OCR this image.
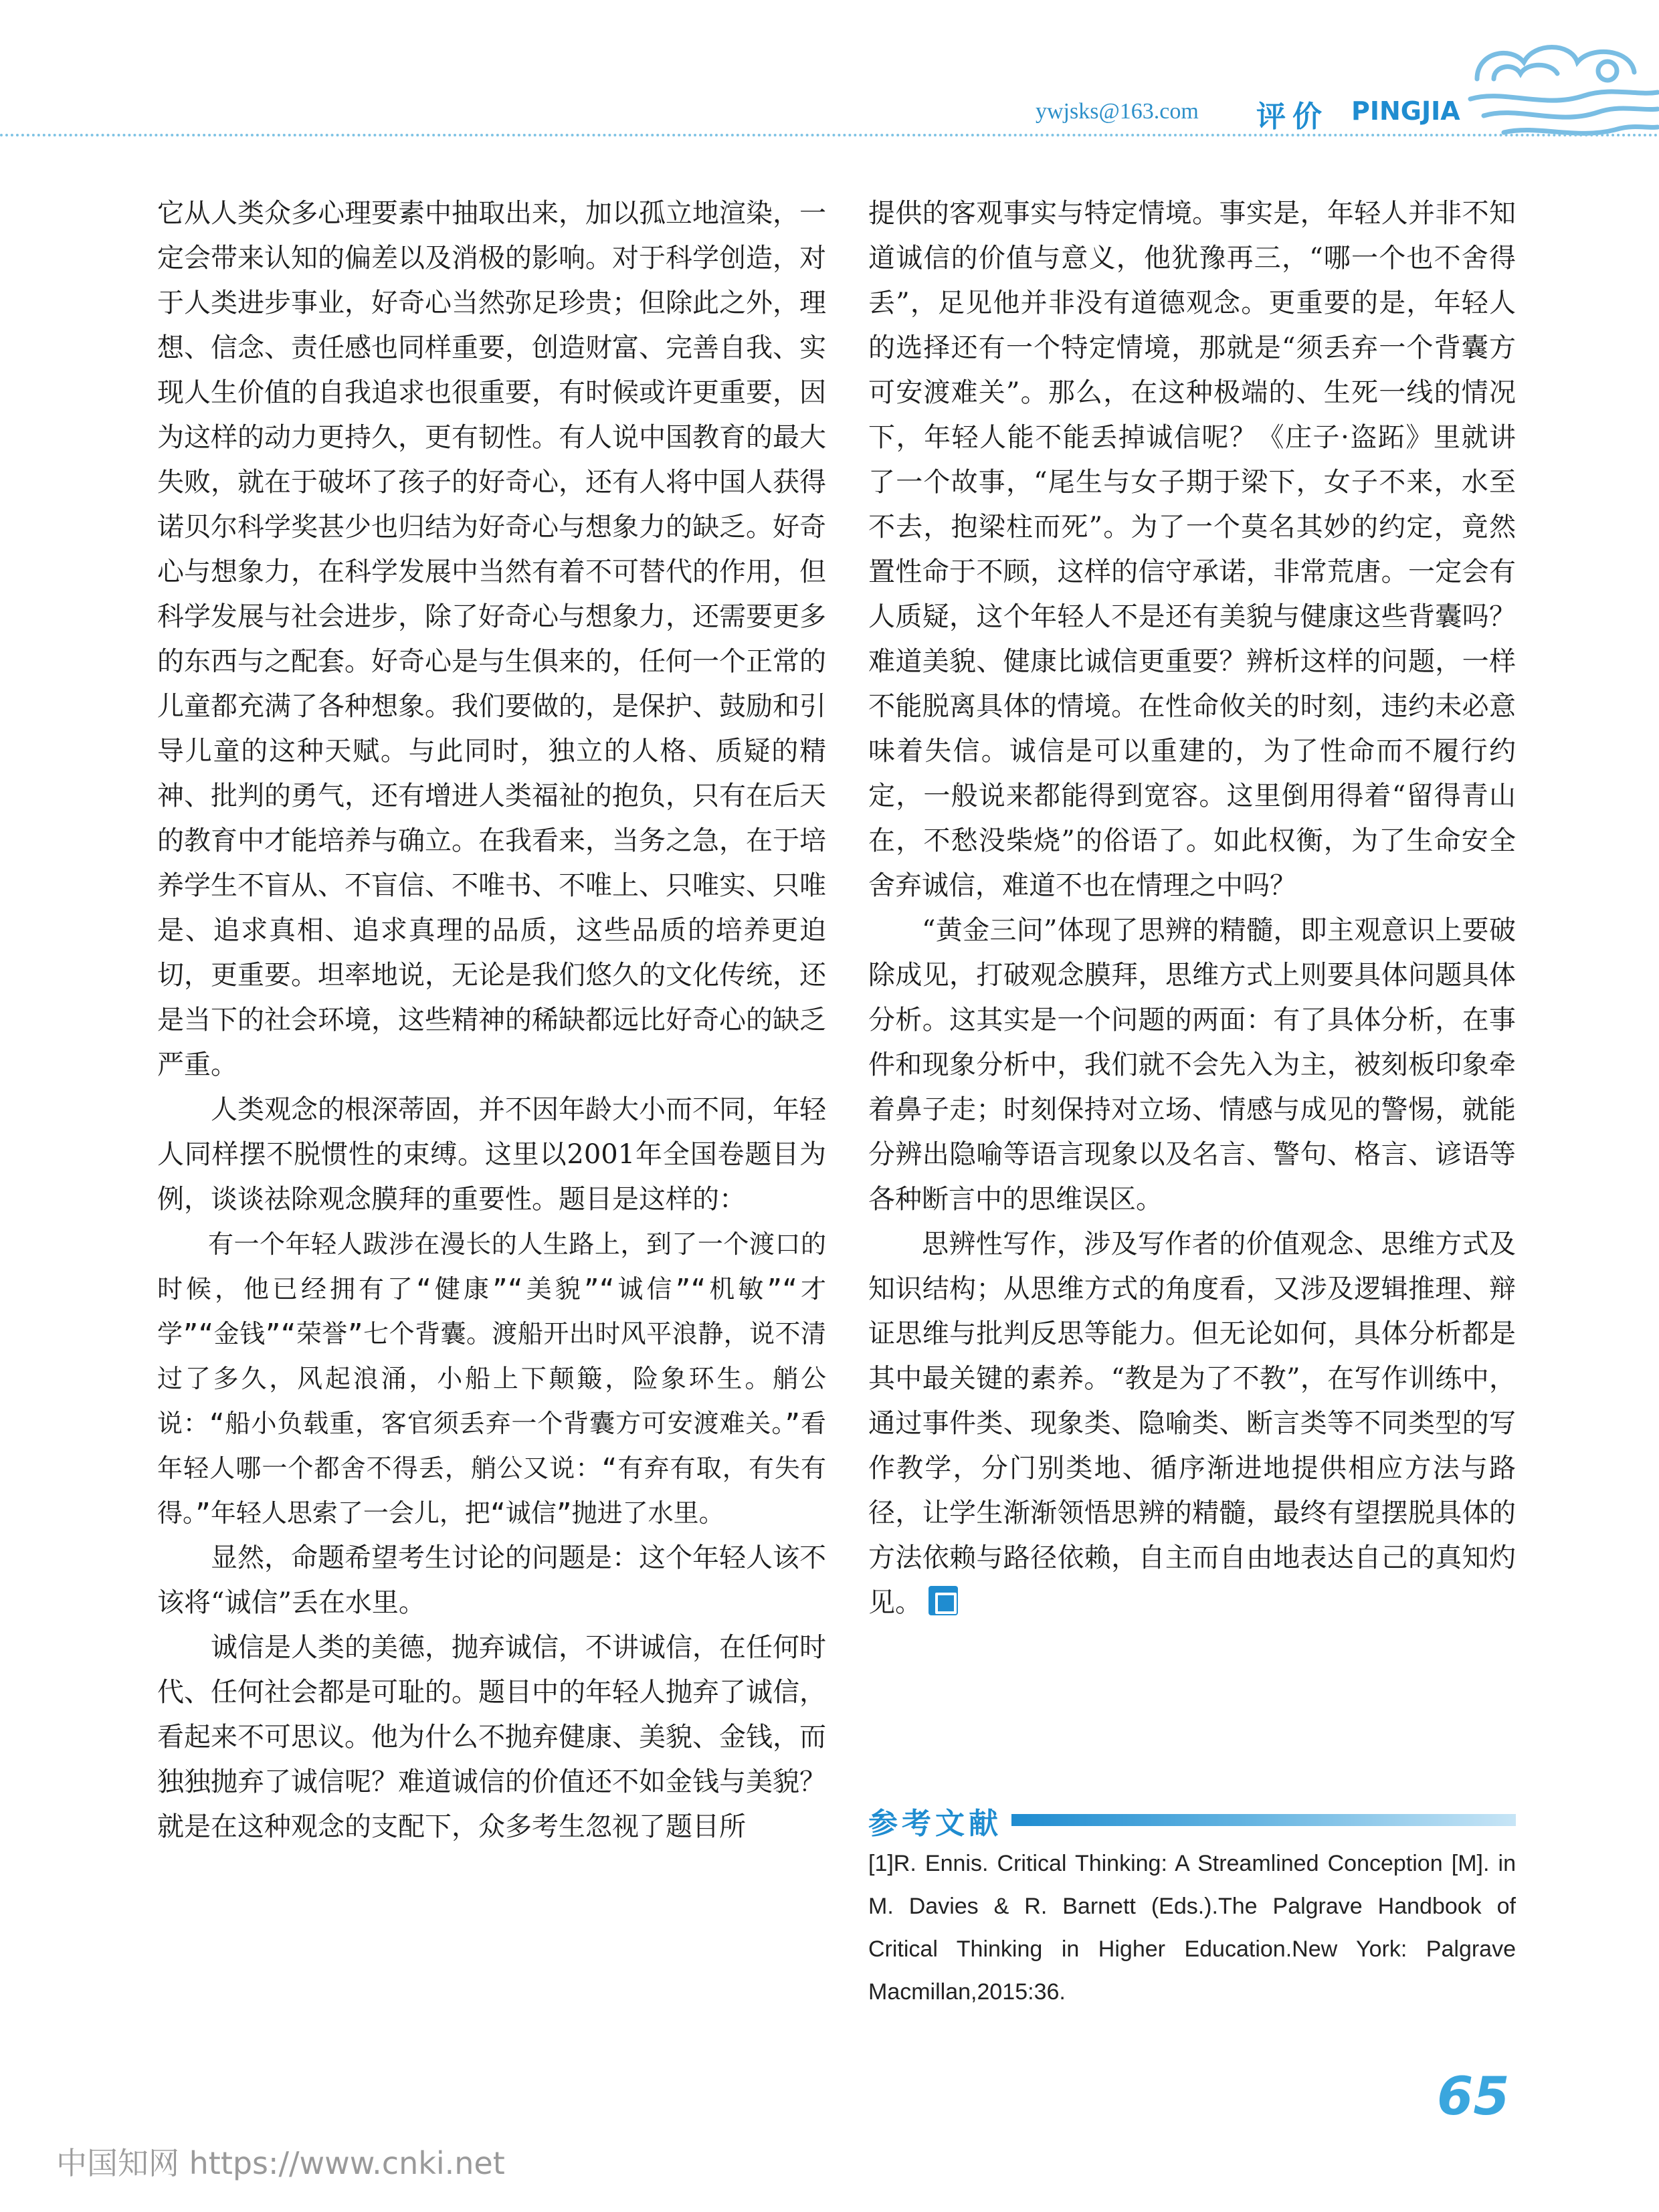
ywjsks@163.com 评价 PINGJIA

它从人类众多心理要素中抽取出来，加以孤立地渲染，一定会带来认知的偏差以及消极的影响。对于科学创造，对于人类进步事业，好奇心当然弥足珍贵；但除此之外，理想、信念、责任感也同样重要，创造财富、完善自我、实现人生价值的自我追求也很重要，有时候或许更重要，因为这样的动力更持久，更有韧性。有人说中国教育的最大失败，就在于破坏了孩子的好奇心，还有人将中国人获得诺贝尔科学奖甚少也归结为好奇心与想象力的缺乏。好奇心与想象力，在科学发展中当然有着不可替代的作用，但科学发展与社会进步，除了好奇心与想象力，还需要更多的东西与之配套。好奇心是与生俱来的，任何一个正常的儿童都充满了各种想象。我们要做的，是保护、鼓励和引导儿童的这种天赋。与此同时，独立的人格、质疑的精神、批判的勇气，还有增进人类福祉的抱负，只有在后天的教育中才能培养与确立。在我看来，当务之急，在于培养学生不盲从、不盲信、不唯书、不唯上、只唯实、只唯是、追求真相、追求真理的品质，这些品质的培养更迫切，更重要。坦率地说，无论是我们悠久的文化传统，还是当下的社会环境，这些精神的稀缺都远比好奇心的缺乏严重。

人类观念的根深蒂固，并不因年龄大小而不同，年轻人同样摆不脱惯性的束缚。这里以2001年全国卷题目为例，谈谈祛除观念膜拜的重要性。题目是这样的：

有一个年轻人跋涉在漫长的人生路上，到了一个渡口的时候，他已经拥有了“健康”“美貌”“诚信”“机敏”“才学”“金钱”“荣誉”七个背囊。渡船开出时风平浪静，说不清过了多久，风起浪涌，小船上下颠簸，险象环生。艄公说：“船小负载重，客官须丢弃一个背囊方可安渡难关。”看年轻人哪一个都舍不得丢，艄公又说：“有弃有取，有失有得。”年轻人思索了一会儿，把“诚信”抛进了水里。

显然，命题希望考生讨论的问题是：这个年轻人该不该将“诚信”丢在水里。

诚信是人类的美德，抛弃诚信，不讲诚信，在任何时代、任何社会都是可耻的。题目中的年轻人抛弃了诚信，看起来不可思议。他为什么不抛弃健康、美貌、金钱，而独独抛弃了诚信呢？难道诚信的价值还不如金钱与美貌？就是在这种观念的支配下，众多考生忽视了题目所

提供的客观事实与特定情境。事实是，年轻人并非不知道诚信的价值与意义，他犹豫再三，“哪一个也不舍得丢”，足见他并非没有道德观念。更重要的是，年轻人的选择还有一个特定情境，那就是“须丢弃一个背囊方可安渡难关”。那么，在这种极端的、生死一线的情况下，年轻人能不能丢掉诚信呢？《庄子·盗跖》里就讲了一个故事，“尾生与女子期于梁下，女子不来，水至不去，抱梁柱而死”。为了一个莫名其妙的约定，竟然置性命于不顾，这样的信守承诺，非常荒唐。一定会有人质疑，这个年轻人不是还有美貌与健康这些背囊吗？难道美貌、健康比诚信更重要？辨析这样的问题，一样不能脱离具体的情境。在性命攸关的时刻，违约未必意味着失信。诚信是可以重建的，为了性命而不履行约定，一般说来都能得到宽容。这里倒用得着“留得青山在，不愁没柴烧”的俗语了。如此权衡，为了生命安全舍弃诚信，难道不也在情理之中吗？

“黄金三问”体现了思辨的精髓，即主观意识上要破除成见，打破观念膜拜，思维方式上则要具体问题具体分析。这其实是一个问题的两面：有了具体分析，在事件和现象分析中，我们就不会先入为主，被刻板印象牵着鼻子走；时刻保持对立场、情感与成见的警惕，就能分辨出隐喻等语言现象以及名言、警句、格言、谚语等各种断言中的思维误区。

思辨性写作，涉及写作者的价值观念、思维方式及知识结构；从思维方式的角度看，又涉及逻辑推理、辩证思维与批判反思等能力。但无论如何，具体分析都是其中最关键的素养。“教是为了不教”，在写作训练中，通过事件类、现象类、隐喻类、断言类等不同类型的写作教学，分门别类地、循序渐进地提供相应方法与路径，让学生渐渐领悟思辨的精髓，最终有望摆脱具体的方法依赖与路径依赖，自主而自由地表达自己的真知灼见。

参考文献

[1]R. Ennis. Critical Thinking: A Streamlined Conception [M]. in M. Davies & R. Barnett (Eds.).The Palgrave Handbook of Critical Thinking in Higher Education.New York: Palgrave Macmillan,2015:36.

65
中国知网 https://www.cnki.net
